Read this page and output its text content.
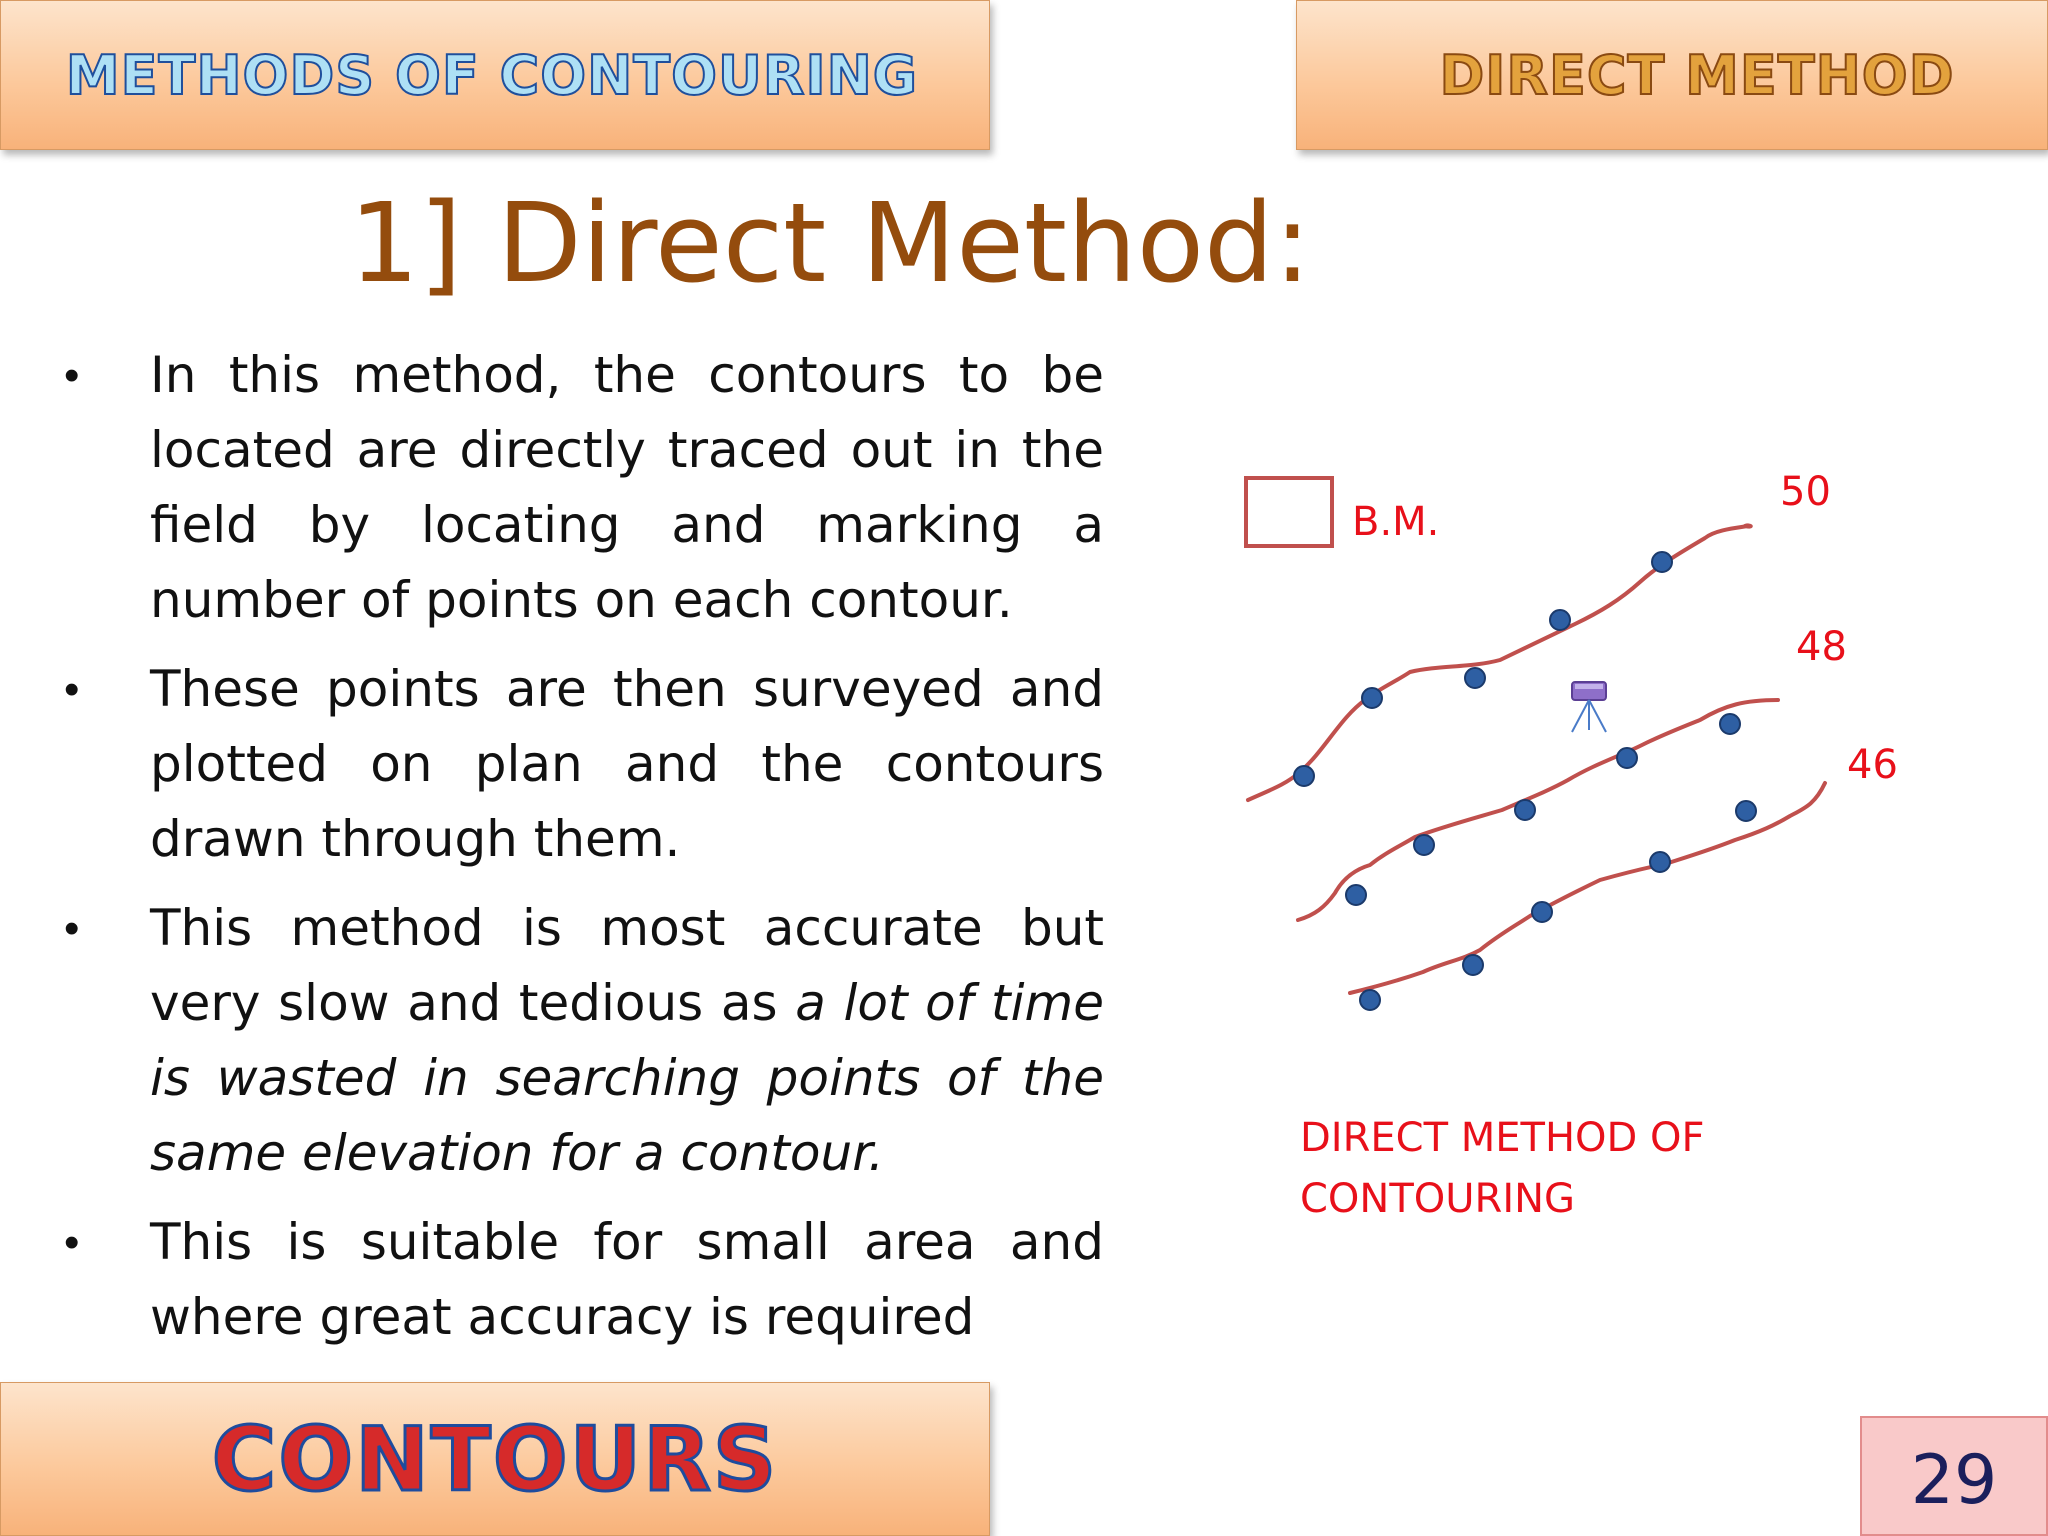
METHODS OF CONTOURING	DIRECT METHOD
1] Direct Method:
• In this method, the contours to be located are directly traced out in the field by locating and marking a number of points on each contour.
• These points are then surveyed and plotted on plan and the contours drawn through them.
• This method is most accurate but very slow and tedious as a lot of time is wasted in searching points of the same elevation for a contour.
• This is suitable for small area and where great accuracy is required
B.M.
50
48
46
DIRECT METHOD OF
CONTOURING
CONTOURS	29
